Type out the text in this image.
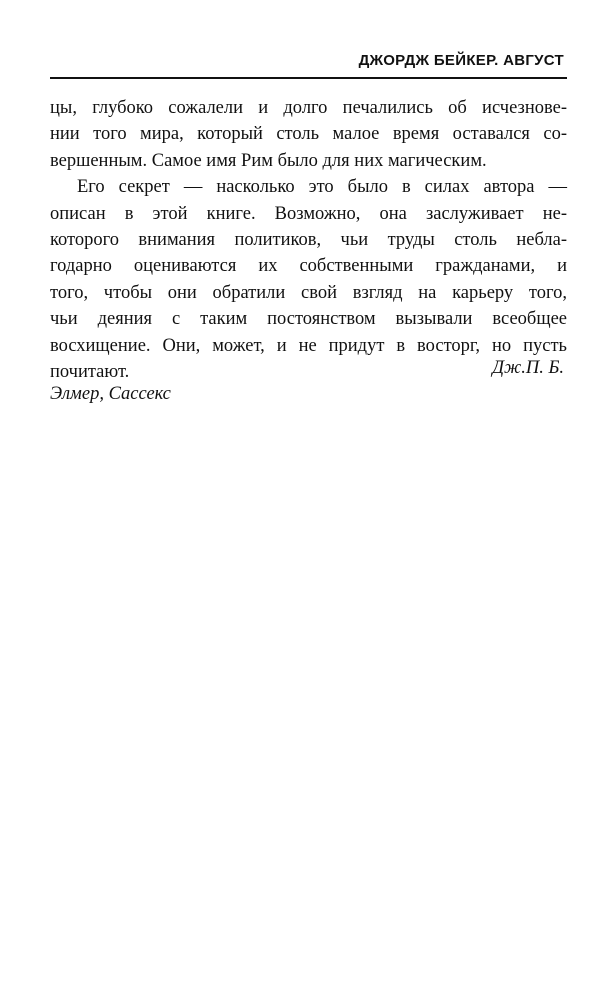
ДЖОРДЖ БЕЙКЕР. АВГУСТ

цы, глубоко сожалели и долго печалились об исчезнове-
нии того мира, который столь малое время оставался со-
вершенным. Самое имя Рим было для них магическим.

Его секрет — насколько это было в силах автора —
описан в этой книге. Возможно, она заслуживает не-
которого внимания политиков, чьи труды столь небла-
годарно оцениваются их собственными гражданами, и
того, чтобы они обратили свой взгляд на карьеру того,
чьи деяния с таким постоянством вызывали всеобщее
восхищение. Они, может, и не придут в восторг, но пусть
почитают.	Дж.П. Б.
Элмер, Сассекс
